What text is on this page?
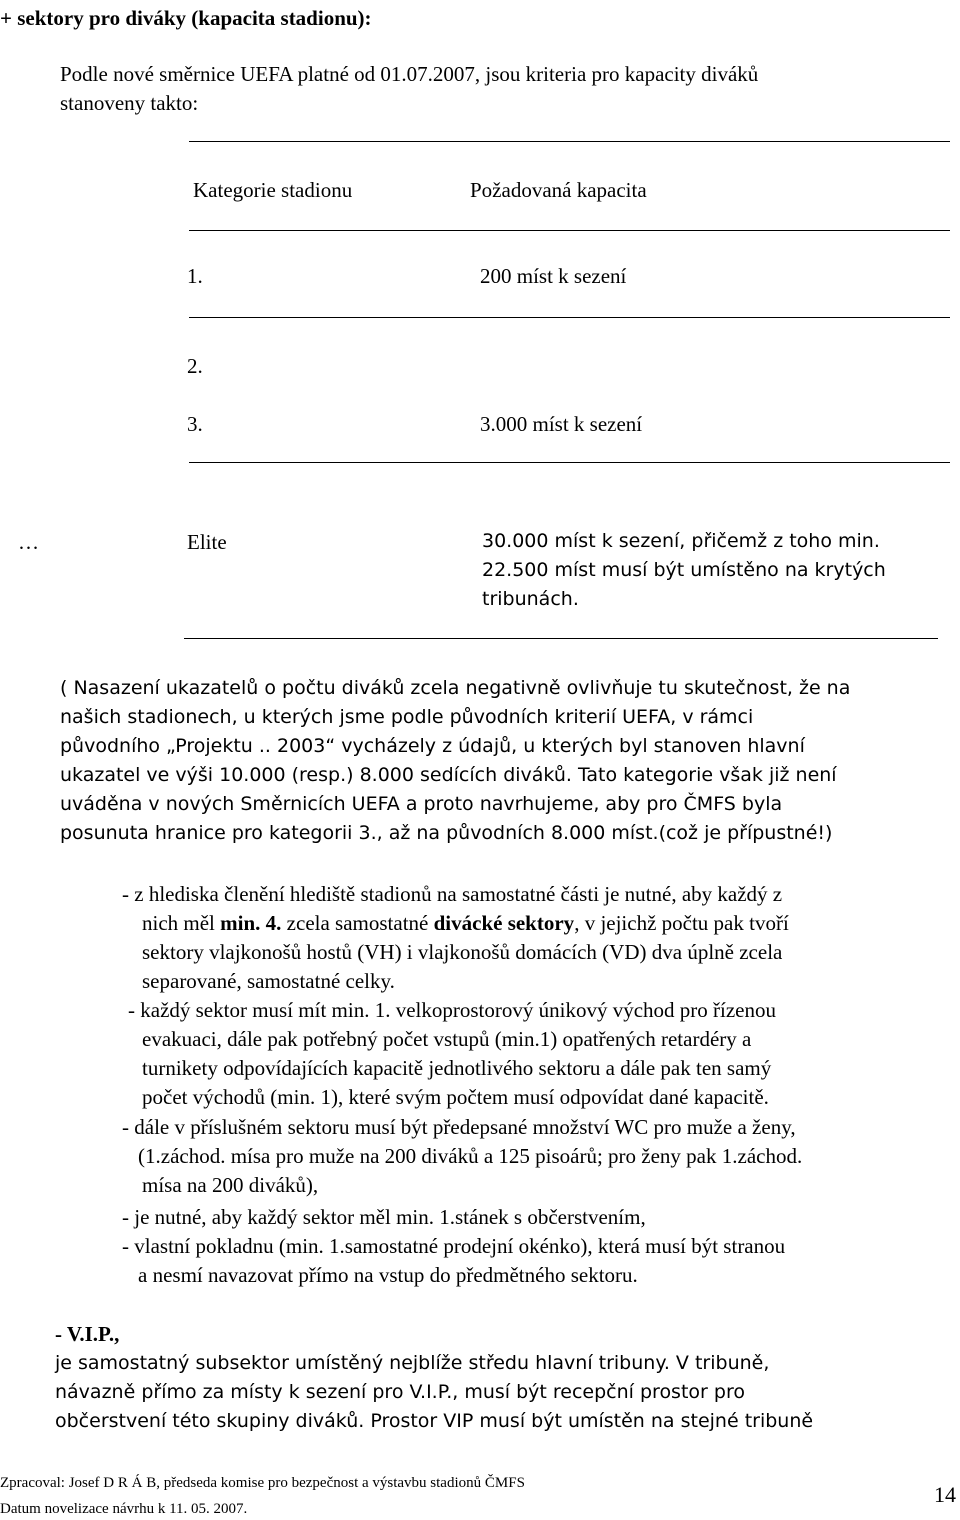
+ sektory pro diváky (kapacita stadionu):
Podle nové směrnice UEFA platné od 01.07.2007, jsou kriteria pro kapacity diváků
stanoveny takto:
Kategorie stadionu	Požadovaná kapacita
1.	200 míst k sezení
2.
3.	3.000 míst k sezení
…	Elite	30.000 míst k sezení, přičemž z toho min.
22.500 míst musí být umístěno na krytých
tribunách.
( Nasazení ukazatelů o počtu diváků zcela negativně ovlivňuje tu skutečnost, že na
našich stadionech, u kterých jsme podle původních kriterií UEFA, v rámci
původního „Projektu .. 2003“ vycházely z údajů, u kterých byl stanoven hlavní
ukazatel ve výši 10.000 (resp.) 8.000 sedících diváků. Tato kategorie však již není
uváděna v nových Směrnicích UEFA a proto navrhujeme, aby pro ČMFS byla
posunuta hranice pro kategorii 3., až na původních 8.000 míst.(což je přípustné!)
- z hlediska členění hlediště stadionů na samostatné části je nutné, aby každý z
nich měl min. 4. zcela samostatné divácké sektory, v jejichž počtu pak tvoří
sektory vlajkonošů hostů (VH) i vlajkonošů domácích (VD) dva úplně zcela
separované, samostatné celky.
- každý sektor musí mít min. 1. velkoprostorový únikový východ pro řízenou
evakuaci, dále pak potřebný počet vstupů (min.1) opatřených retardéry a
turnikety odpovídajících kapacitě jednotlivého sektoru a dále pak ten samý
počet východů (min. 1), které svým počtem musí odpovídat dané kapacitě.
- dále v příslušném sektoru musí být předepsané množství WC pro muže a ženy,
(1.záchod. mísa pro muže na 200 diváků a 125 pisoárů; pro ženy pak 1.záchod.
mísa na 200 diváků),
- je nutné, aby každý sektor měl min. 1.stánek s občerstvením,
- vlastní pokladnu (min. 1.samostatné prodejní okénko), která musí být stranou
a nesmí navazovat přímo na vstup do předmětného sektoru.
- V.I.P.,
je samostatný subsektor umístěný nejblíže středu hlavní tribuny. V tribuně,
návazně přímo za místy k sezení pro V.I.P., musí být recepční prostor pro
občerstvení této skupiny diváků. Prostor VIP musí být umístěn na stejné tribuně
Zpracoval: Josef D R Á B, předseda komise pro bezpečnost a výstavbu stadionů ČMFS
Datum novelizace návrhu k 11. 05. 2007.
14
